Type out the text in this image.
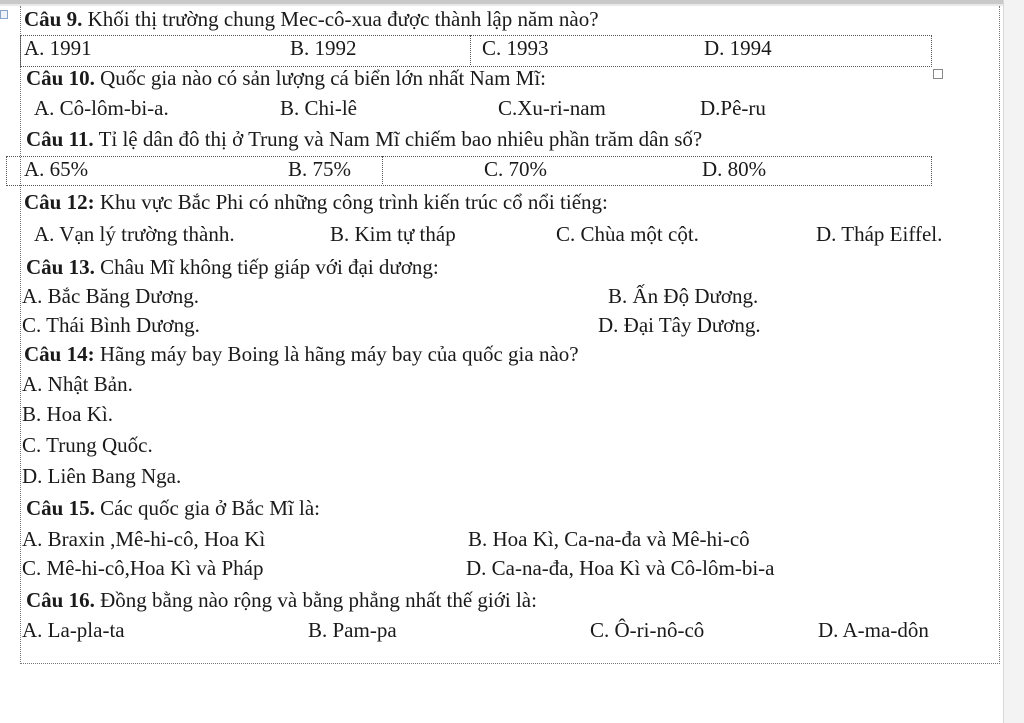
Câu 9. Khối thị trường chung Mec-cô-xua được thành lập năm nào?
A. 1991	B. 1992	C. 1993	D. 1994
Câu 10. Quốc gia nào có sản lượng cá biển lớn nhất Nam Mĩ:
A. Cô-lôm-bi-a.	B. Chi-lê	C.Xu-ri-nam	D.Pê-ru
Câu 11. Tỉ lệ dân đô thị ở Trung và Nam Mĩ chiếm bao nhiêu phần trăm dân số?
A. 65%	B. 75%	C. 70%	D. 80%
Câu 12: Khu vực Bắc Phi có những công trình kiến trúc cổ nổi tiếng:
A. Vạn lý trường thành.	B. Kim tự tháp	C. Chùa một cột.	D. Tháp Eiffel.
Câu 13. Châu Mĩ không tiếp giáp với đại dương:
A. Bắc Băng Dương.	B. Ấn Độ Dương.
C. Thái Bình Dương.	D. Đại Tây Dương.
Câu 14: Hãng máy bay Boing là hãng máy bay của quốc gia nào?
A. Nhật Bản.
B. Hoa Kì.
C. Trung Quốc.
D. Liên Bang Nga.
Câu 15. Các quốc gia ở Bắc Mĩ là:
A. Braxin ,Mê-hi-cô, Hoa Kì	B. Hoa Kì, Ca-na-đa và Mê-hi-cô
C. Mê-hi-cô,Hoa Kì và Pháp	D. Ca-na-đa, Hoa Kì và Cô-lôm-bi-a
Câu 16. Đồng bằng nào rộng và bằng phẳng nhất thế giới là:
A. La-pla-ta	B. Pam-pa	C. Ô-ri-nô-cô	D. A-ma-dôn
